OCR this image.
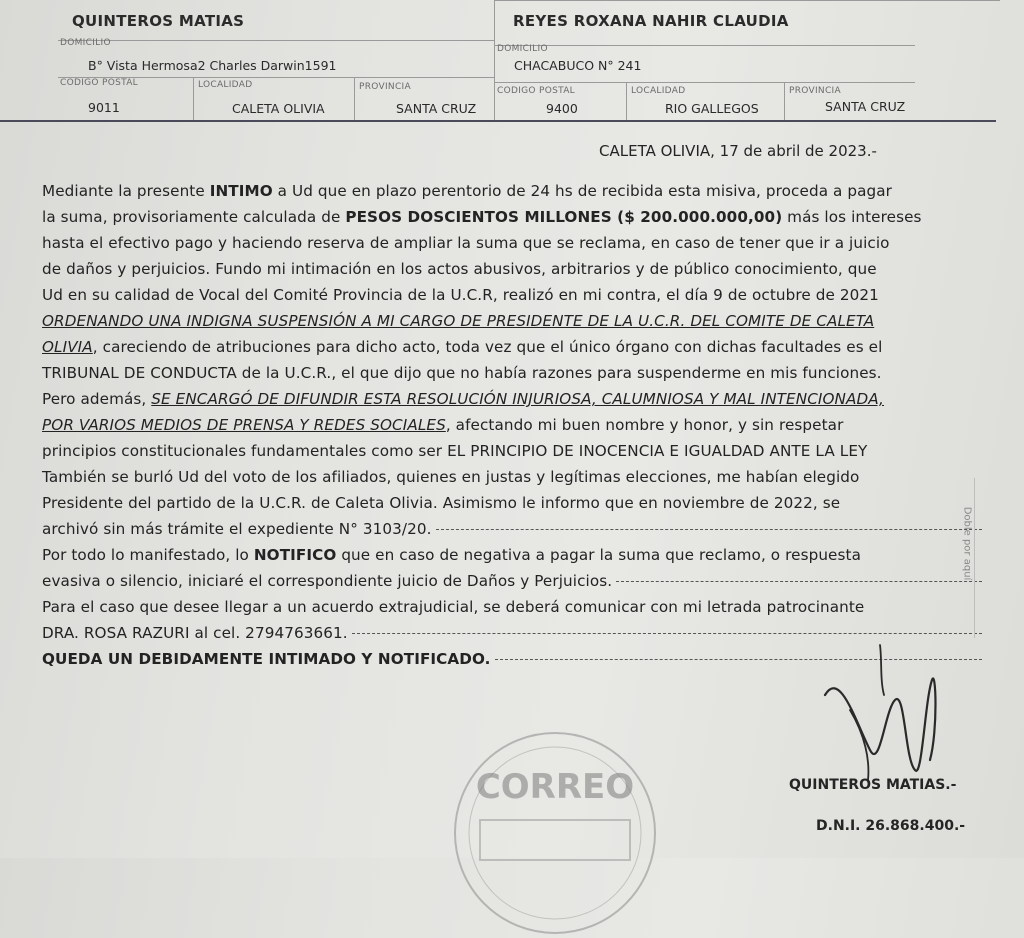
QUINTEROS MATIAS	REYES ROXANA NAHIR CLAUDIA
DOMICILIO
B° Vista Hermosa2 Charles Darwin1591
DOMICILIO
CHACABUCO N° 241
CODIGO POSTAL	LOCALIDAD	PROVINCIA
9011	CALETA OLIVIA	SANTA CRUZ
CODIGO POSTAL	LOCALIDAD	PROVINCIA
9400	RIO GALLEGOS	SANTA CRUZ
CALETA OLIVIA, 17 de abril de 2023.-
Mediante la presente INTIMO a Ud que en plazo perentorio de 24 hs de recibida esta misiva, proceda a pagar
la suma, provisoriamente calculada de PESOS DOSCIENTOS MILLONES ($ 200.000.000,00) más los intereses
hasta el efectivo pago y haciendo reserva de ampliar la suma que se reclama, en caso de tener que ir a juicio
de daños y perjuicios. Fundo mi intimación en los actos abusivos, arbitrarios y de público conocimiento, que
Ud en su calidad de Vocal del Comité Provincia de la U.C.R, realizó en mi contra, el día 9 de octubre de 2021
ORDENANDO UNA INDIGNA SUSPENSIÓN A MI CARGO DE PRESIDENTE DE LA U.C.R. DEL COMITE DE CALETA
OLIVIA, careciendo de atribuciones para dicho acto, toda vez que el único órgano con dichas facultades es el
TRIBUNAL DE CONDUCTA de la U.C.R., el que dijo que no había razones para suspenderme en mis funciones.
Pero además, SE ENCARGÓ DE DIFUNDIR ESTA RESOLUCIÓN INJURIOSA, CALUMNIOSA Y MAL INTENCIONADA,
POR VARIOS MEDIOS DE PRENSA Y REDES SOCIALES, afectando mi buen nombre y honor, y sin respetar
principios constitucionales fundamentales como ser EL PRINCIPIO DE INOCENCIA E IGUALDAD ANTE LA LEY
También se burló Ud del voto de los afiliados, quienes en justas y legítimas elecciones, me habían elegido
Presidente del partido de la U.C.R. de Caleta Olivia. Asimismo le informo que en noviembre de 2022, se
archivó sin más trámite el expediente N° 3103/20.
Por todo lo manifestado, lo NOTIFICO que en caso de negativa a pagar la suma que reclamo, o respuesta
evasiva o silencio, iniciaré el correspondiente juicio de Daños y Perjuicios.
Para el caso que desee llegar a un acuerdo extrajudicial, se deberá comunicar con mi letrada patrocinante
DRA. ROSA RAZURI al cel. 2794763661.
QUEDA UN DEBIDAMENTE INTIMADO Y NOTIFICADO.
Doble por aquí
CORREO	QUINTEROS MATIAS.-
D.N.I. 26.868.400.-
